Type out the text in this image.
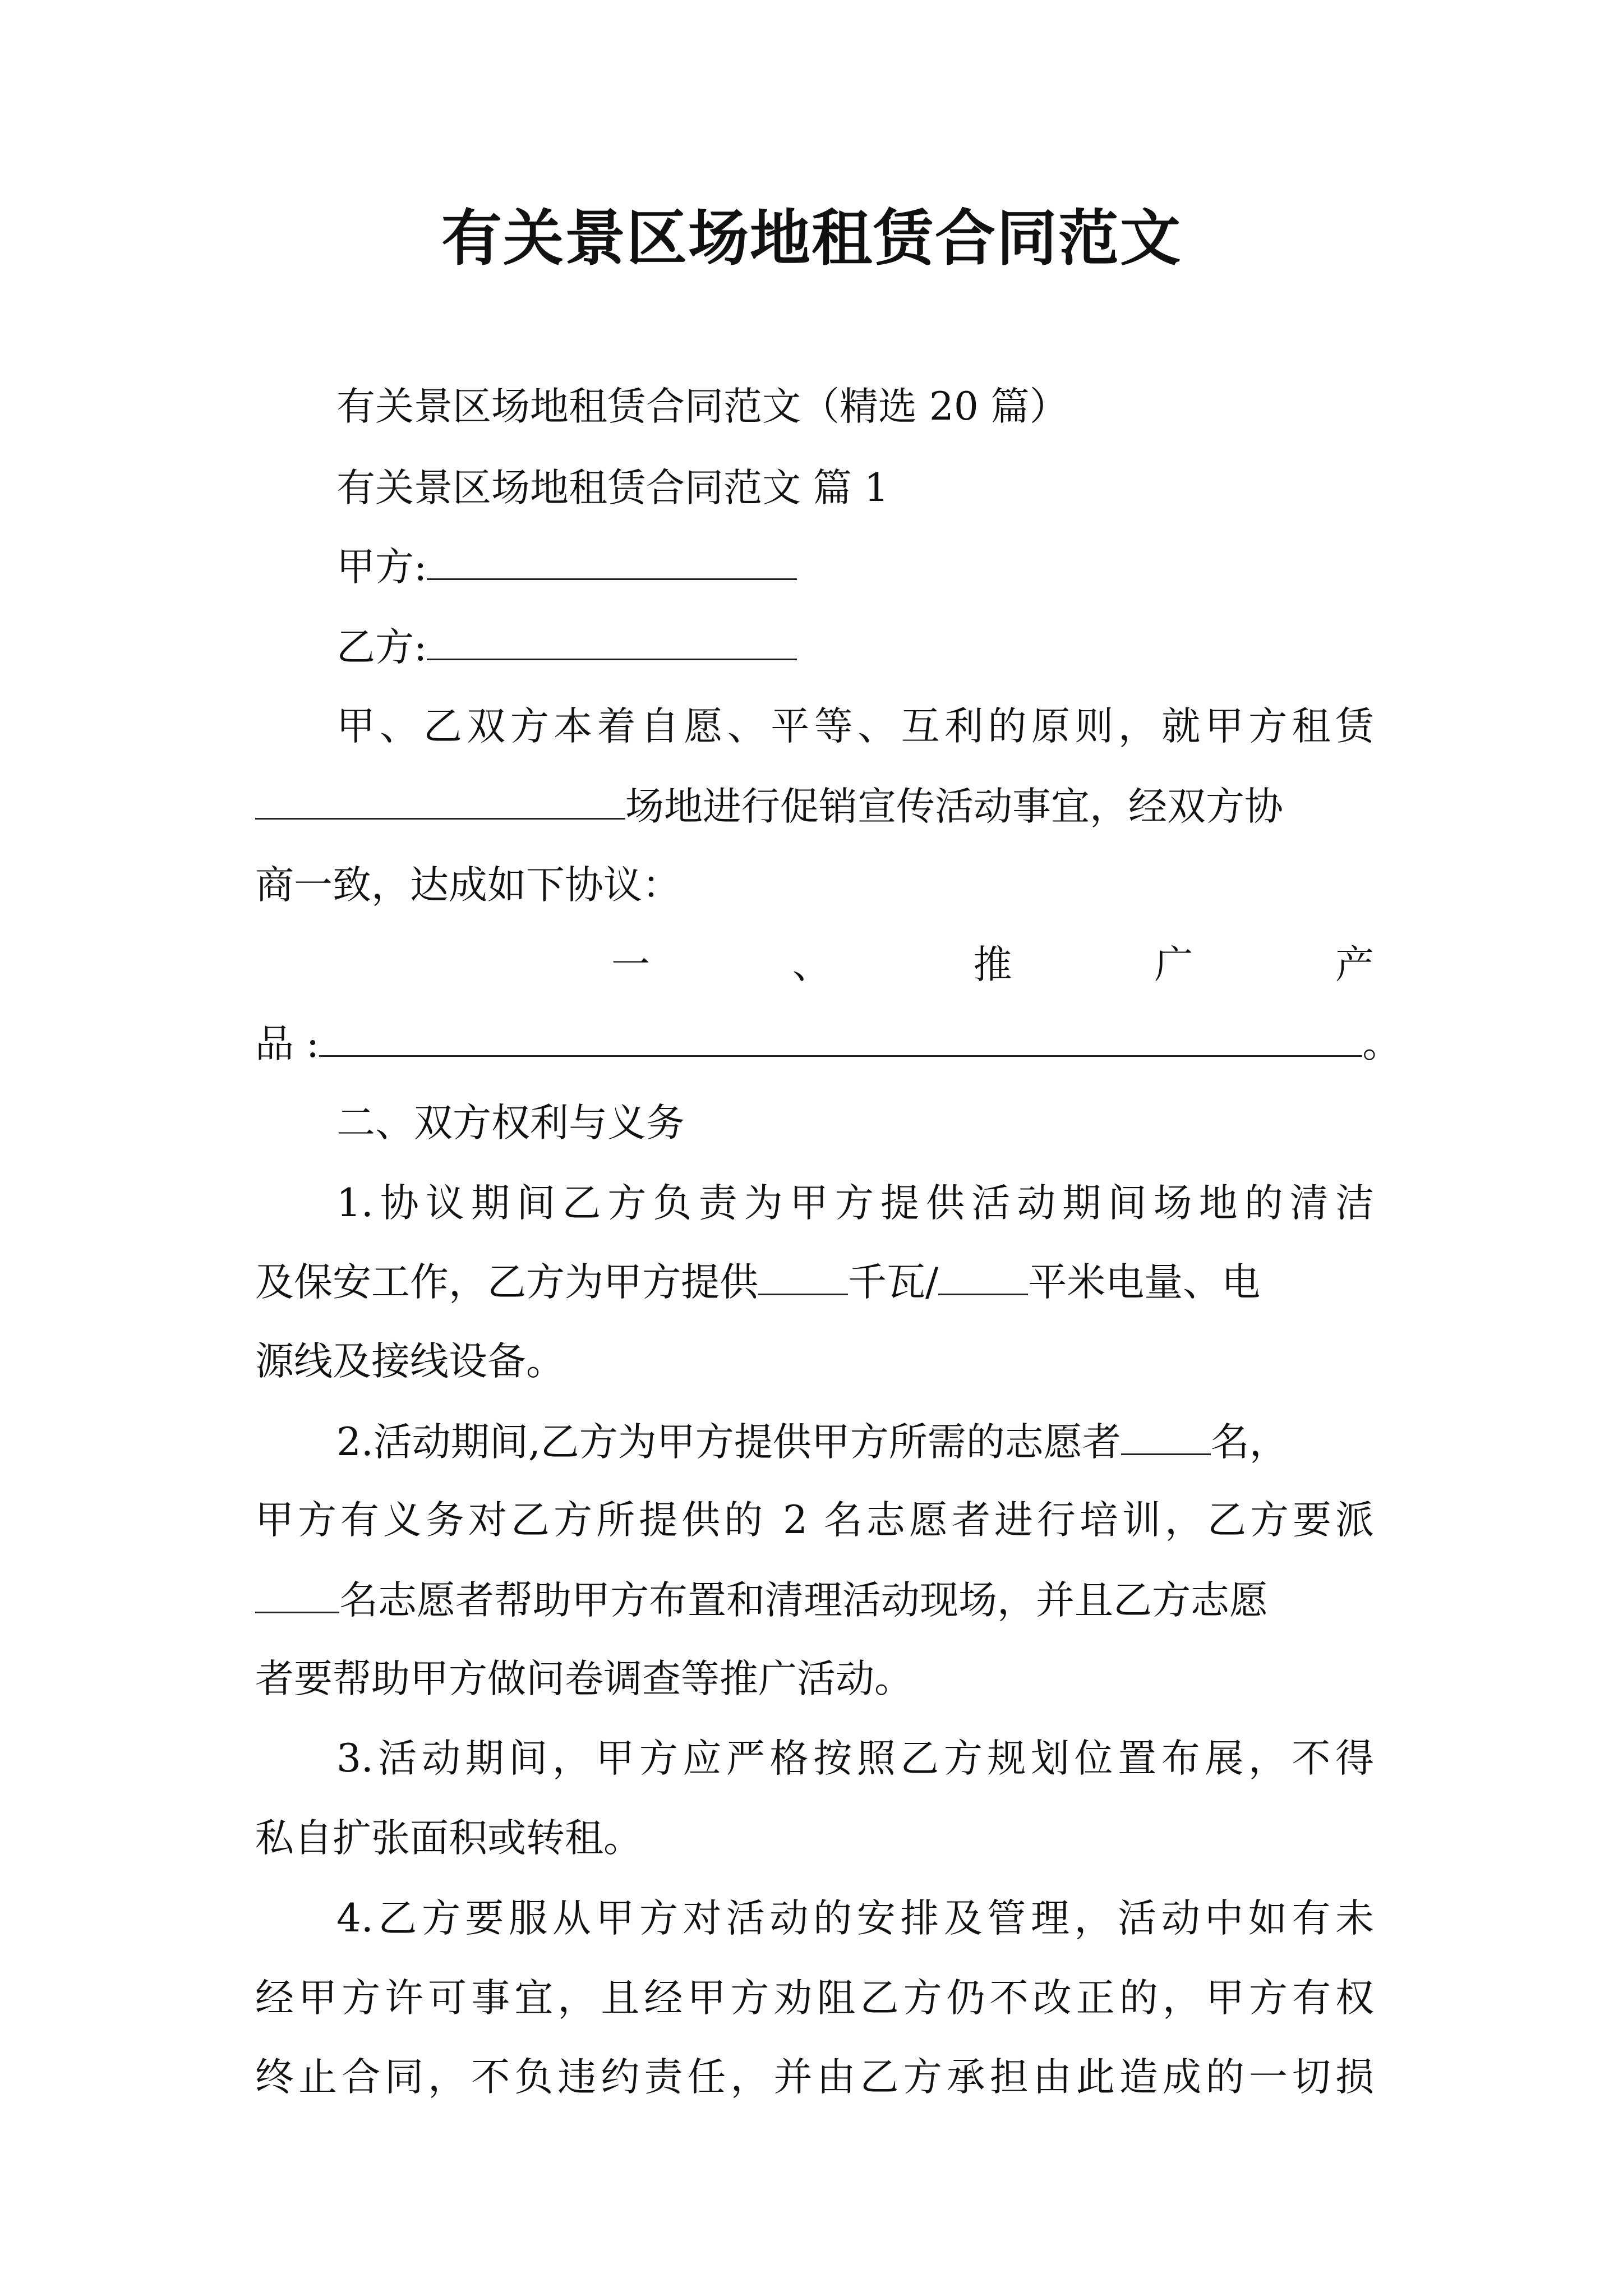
有关景区场地租赁合同范文
有关景区场地租赁合同范文（精选 20 篇）
有关景区场地租赁合同范文 篇 1
甲方:
乙方:
甲、乙双方本着自愿、平等、互利的原则，就甲方租赁
场地进行促销宣传活动事宜，经双方协
商一致，达成如下协议：
一	、	推	广	产
品 :	。
二、双方权利与义务
1.协议期间乙方负责为甲方提供活动期间场地的清洁
及保安工作，乙方为甲方提供 千瓦/ 平米电量、电
源线及接线设备。
2.活动期间,乙方为甲方提供甲方所需的志愿者 名，
甲方有义务对乙方所提供的 2 名志愿者进行培训，乙方要派
名志愿者帮助甲方布置和清理活动现场，并且乙方志愿
者要帮助甲方做问卷调查等推广活动。
3.活动期间，甲方应严格按照乙方规划位置布展，不得
私自扩张面积或转租。
4.乙方要服从甲方对活动的安排及管理，活动中如有未
经甲方许可事宜，且经甲方劝阻乙方仍不改正的，甲方有权
终止合同，不负违约责任，并由乙方承担由此造成的一切损
